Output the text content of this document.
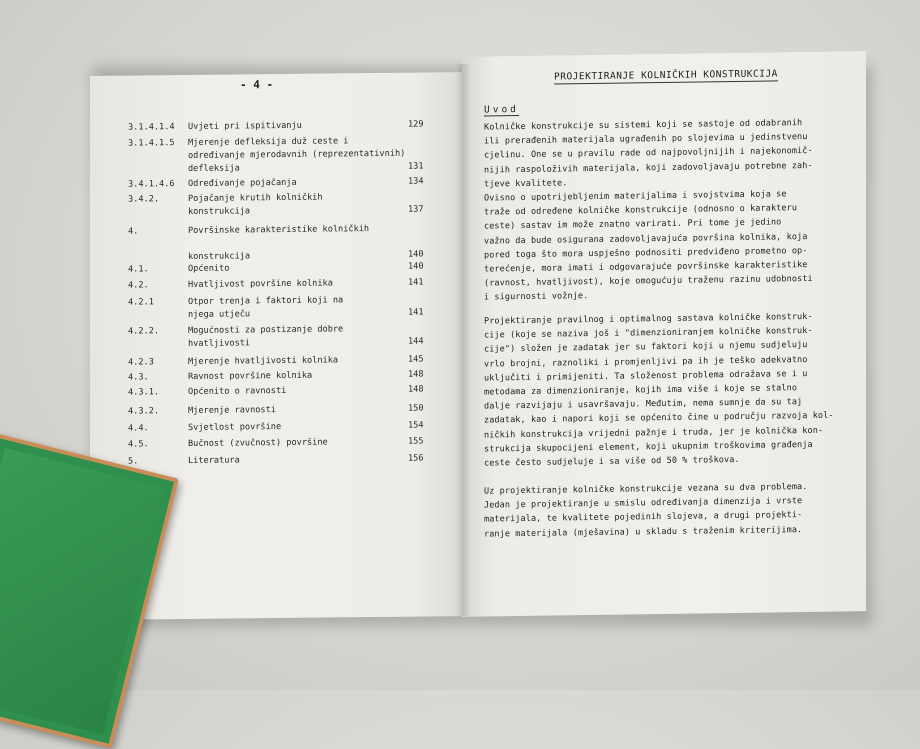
- 4 -
3.1.4.1.4 Uvjeti pri ispitivanju	129
3.1.4.1.5 Mjerenje defleksija duž ceste i
određivanje mjerodavnih (reprezentativnih)
defleksija	131
3.4.1.4.6 Određivanje pojačanja	134
3.4.2.	Pojačanje krutih kolničkih
konstrukcija	137
4.	Površinske karakteristike kolničkih

konstrukcija	140
4.1.	Općenito	140
4.2.	Hvatljivost površine kolnika	141
4.2.1	Otpor trenja i faktori koji na
njega utječu	141
4.2.2.	Mogućnosti za postizanje dobre
hvatljivosti	144
4.2.3	Mjerenje hvatljivosti kolnika	145
4.3.	Ravnost površine kolnika	148
4.3.1.	Općenito o ravnosti	148
4.3.2.	Mjerenje ravnosti	150
4.4.	Svjetlost površine	154
4.5.	Bučnost (zvučnost) površine	155
5.	Literatura	156
PROJEKTIRANJE KOLNIČKIH KONSTRUKCIJA
Uvod
Kolničke konstrukcije su sistemi koji se sastoje od odabranih
ili prerađenih materijala ugrađenih po slojevima u jedinstvenu
cjelinu. One se u pravilu rade od najpovoljnijih i najekonomič-
nijih raspoloživih materijala, koji zadovoljavaju potrebne zah-
tjeve kvalitete.
Ovisno o upotrijebljenim materijalima i svojstvima koja se
traže od određene kolničke konstrukcije (odnosno o karakteru
ceste) sastav im može znatno varirati. Pri tome je jedino
važno da bude osigurana zadovoljavajuća površina kolnika, koja
pored toga što mora uspješno podnositi predviđeno prometno op-
terećenje, mora imati i odgovarajuće površinske karakteristike
(ravnost, hvatljivost), koje omogućuju traženu razinu udobnosti
i sigurnosti vožnje.
Projektiranje pravilnog i optimalnog sastava kolničke konstruk-
cije (koje se naziva još i "dimenzioniranjem kolničke konstruk-
cije") složen je zadatak jer su faktori koji u njemu sudjeluju
vrlo brojni, raznoliki i promjenljivi pa ih je teško adekvatno
uključiti i primijeniti. Ta složenost problema odražava se i u
metodama za dimenzioniranje, kojih ima više i koje se stalno
dalje razvijaju i usavršavaju. Međutim, nema sumnje da su taj
zadatak, kao i napori koji se općenito čine u području razvoja kol-
ničkih konstrukcija vrijedni pažnje i truda, jer je kolnička kon-
strukcija skupocijeni element, koji ukupnim troškovima građenja
ceste često sudjeluje i sa više od 50 % troškova.
Uz projektiranje kolničke konstrukcije vezana su dva problema.
Jedan je projektiranje u smislu određivanja dimenzija i vrste
materijala, te kvalitete pojedinih slojeva, a drugi projekti-
ranje materijala (mješavina) u skladu s traženim kriterijima.
